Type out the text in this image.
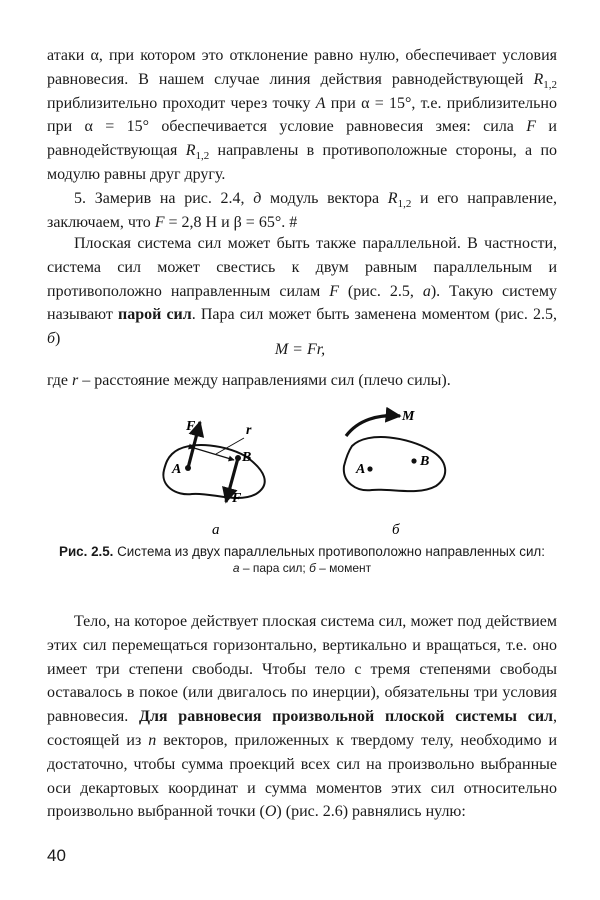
атаки α, при котором это отклонение равно нулю, обеспечивает условия равновесия. В нашем случае линия действия равнодействующей $R_{1,2}$ приблизительно проходит через точку A при α = 15°, т.е. приблизительно при α = 15° обеспечивается условие равновесия змея: сила F и равнодействующая $R_{1,2}$ направлены в противоположные стороны, а по модулю равны друг другу.

5. Замерив на рис. 2.4, д модуль вектора $R_{1,2}$ и его направление, заключаем, что F = 2,8 Н и β = 65°. #

Плоская система сил может быть также параллельной. В частности, система сил может свестись к двум равным параллельным и противоположно направленным силам F (рис. 2.5, а). Такую систему называют парой сил. Пара сил может быть заменена моментом (рис. 2.5, б)

M = Fr,
где r – расстояние между направлениями сил (плечо силы).
F	r
A
B
F
а
M
A
B
б
Рис. 2.5. Система из двух параллельных противоположно направленных сил:
а – пара сил; б – момент

Тело, на которое действует плоская система сил, может под действием этих сил перемещаться горизонтально, вертикально и вращаться, т.е. оно имеет три степени свободы. Чтобы тело с тремя степенями свободы оставалось в покое (или двигалось по инерции), обязательны три условия равновесия. Для равновесия произвольной плоской системы сил, состоящей из n векторов, приложенных к твердому телу, необходимо и достаточно, чтобы сумма проекций всех сил на произвольно выбранные оси декартовых координат и сумма моментов этих сил относительно произвольно выбранной точки (O) (рис. 2.6) равнялись нулю:

40
